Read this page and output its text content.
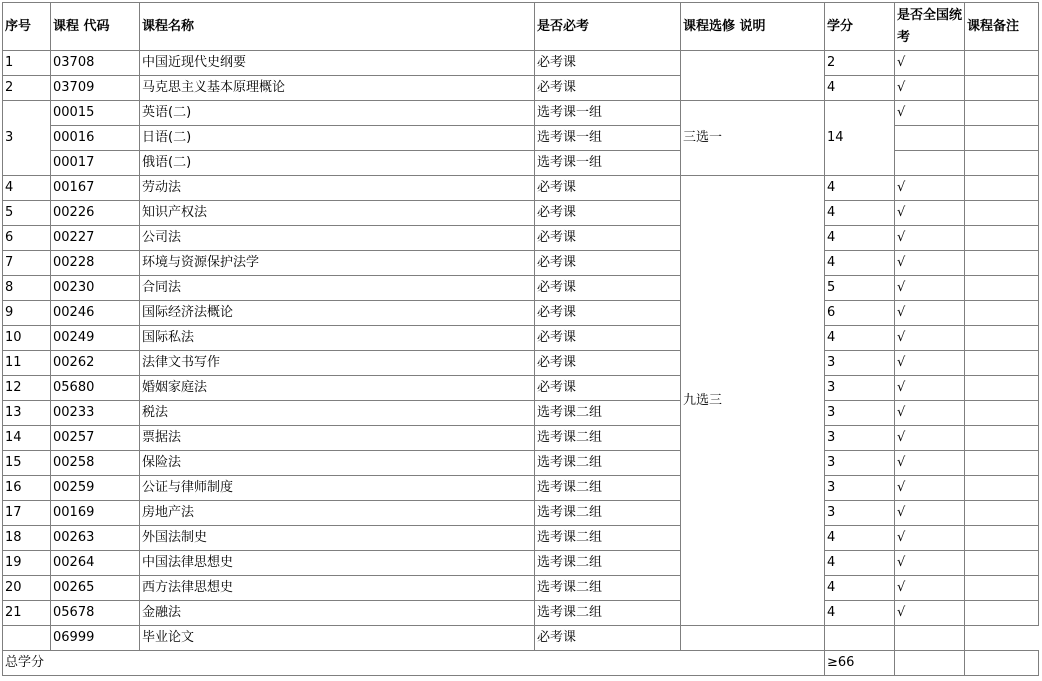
序号	课程 代码	课程名称	是否必考	课程选修 说明	学分	是否全国统考	课程备注
1	03708	中国近现代史纲要	必考课		2	√	
2	03709	马克思主义基本原理概论	必考课		4	√	
3	00015	英语(二)	选考课一组	三选一	14	√	
	00016	日语(二)	选考课一组				
	00017	俄语(二)	选考课一组				
4	00167	劳动法	必考课	九选三	4	√	
5	00226	知识产权法	必考课		4	√	
6	00227	公司法	必考课		4	√	
7	00228	环境与资源保护法学	必考课		4	√	
8	00230	合同法	必考课		5	√	
9	00246	国际经济法概论	必考课		6	√	
10	00249	国际私法	必考课		4	√	
11	00262	法律文书写作	必考课		3	√	
12	05680	婚姻家庭法	必考课		3	√	
13	00233	税法	选考课二组		3	√	
14	00257	票据法	选考课二组		3	√	
15	00258	保险法	选考课二组		3	√	
16	00259	公证与律师制度	选考课二组		3	√	
17	00169	房地产法	选考课二组		3	√	
18	00263	外国法制史	选考课二组		4	√	
19	00264	中国法律思想史	选考课二组		4	√	
20	00265	西方法律思想史	选考课二组		4	√	
21	05678	金融法	选考课二组		4	√	
	06999	毕业论文	必考课				
总学分					≥66		
